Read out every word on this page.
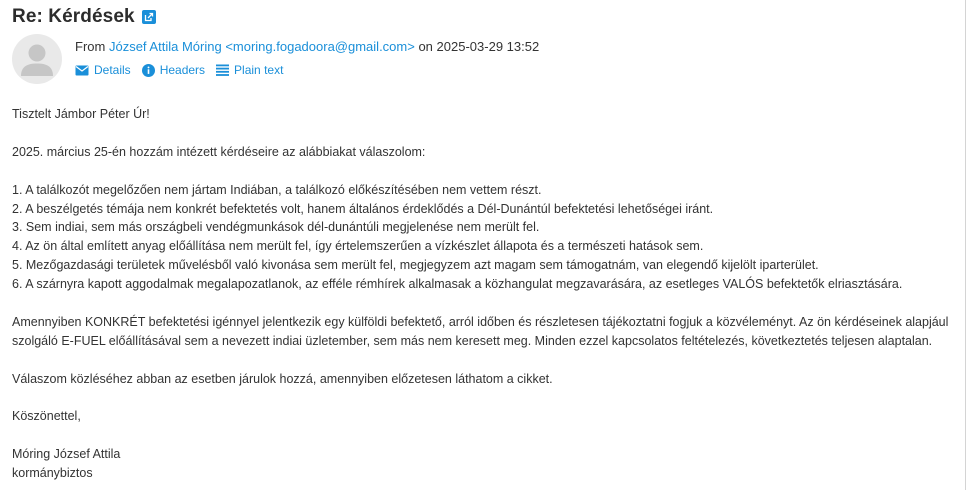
Re: Kérdések
From József Attila Móring <moring.fogadoora@gmail.com> on 2025-03-29 13:52
Details Headers Plain text

Tisztelt Jámbor Péter Úr!

2025. március 25-én hozzám intézett kérdéseire az alábbiakat válaszolom:

1. A találkozót megelőzően nem jártam Indiában, a találkozó előkészítésében nem vettem részt.

2. A beszélgetés témája nem konkrét befektetés volt, hanem általános érdeklődés a Dél-Dunántúl befektetési lehetőségei iránt.

3. Sem indiai, sem más országbeli vendégmunkások dél-dunántúli megjelenése nem merült fel.

4. Az ön által említett anyag előállítása nem merült fel, így értelemszerűen a vízkészlet állapota és a természeti hatások sem.

5. Mezőgazdasági területek művelésből való kivonása sem merült fel, megjegyzem azt magam sem támogatnám, van elegendő kijelölt iparterület.

6. A szárnyra kapott aggodalmak megalapozatlanok, az efféle rémhírek alkalmasak a közhangulat megzavarására, az esetleges VALÓS befektetők elriasztására.

Amennyiben KONKRÉT befektetési igénnyel jelentkezik egy külföldi befektető, arról időben és részletesen tájékoztatni fogjuk a közvéleményt. Az ön kérdéseinek alapjául szolgáló E-FUEL előállításával sem a nevezett indiai üzletember, sem más nem keresett meg. Minden ezzel kapcsolatos feltételezés, következtetés teljesen alaptalan.

Válaszom közléséhez abban az esetben járulok hozzá, amennyiben előzetesen láthatom a cikket.

Köszönettel,

Móring József Attila

kormánybiztos
